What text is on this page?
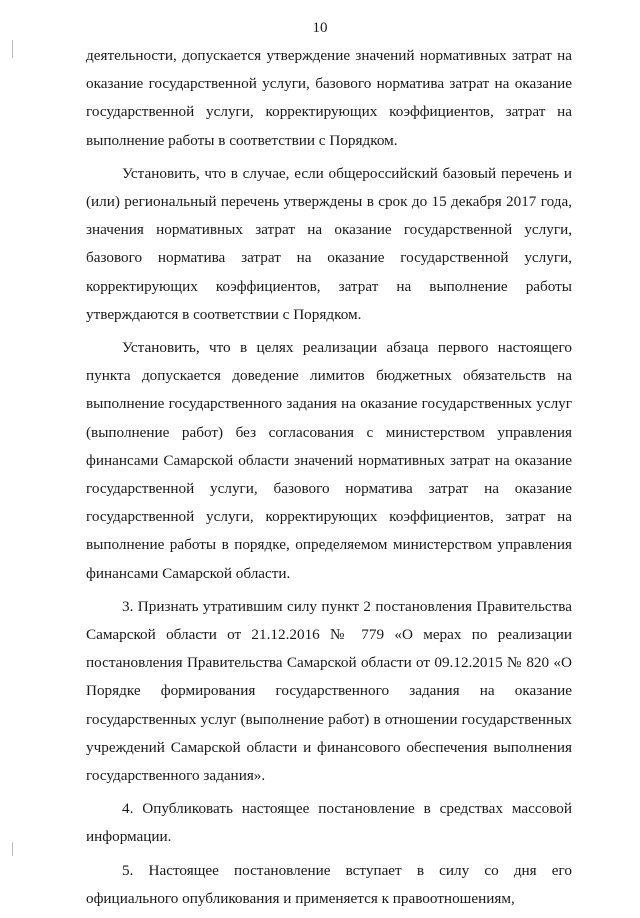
10

деятельности, допускается утверждение значений нормативных затрат на оказание государственной услуги, базового норматива затрат на оказание государственной услуги, корректирующих коэффициентов, затрат на выполнение работы в соответствии с Порядком.

Установить, что в случае, если общероссийский базовый перечень и (или) региональный перечень утверждены в срок до 15 декабря 2017 года, значения нормативных затрат на оказание государственной услуги, базового норматива затрат на оказание государственной услуги, корректирующих коэффициентов, затрат на выполнение работы утверждаются в соответствии с Порядком.

Установить, что в целях реализации абзаца первого настоящего пункта допускается доведение лимитов бюджетных обязательств на выполнение государственного задания на оказание государственных услуг (выполнение работ) без согласования с министерством управления финансами Самарской области значений нормативных затрат на оказание государственной услуги, базового норматива затрат на оказание государственной услуги, корректирующих коэффициентов, затрат на выполнение работы в порядке, определяемом министерством управления финансами Самарской области.

3. Признать утратившим силу пункт 2 постановления Правительства Самарской области от 21.12.2016 № 779 «О мерах по реализации постановления Правительства Самарской области от 09.12.2015 № 820 «О Порядке формирования государственного задания на оказание государственных услуг (выполнение работ) в отношении государственных учреждений Самарской области и финансового обеспечения выполнения государственного задания».

4. Опубликовать настоящее постановление в средствах массовой информации.

5. Настоящее постановление вступает в силу со дня его официального опубликования и применяется к правоотношениям,
